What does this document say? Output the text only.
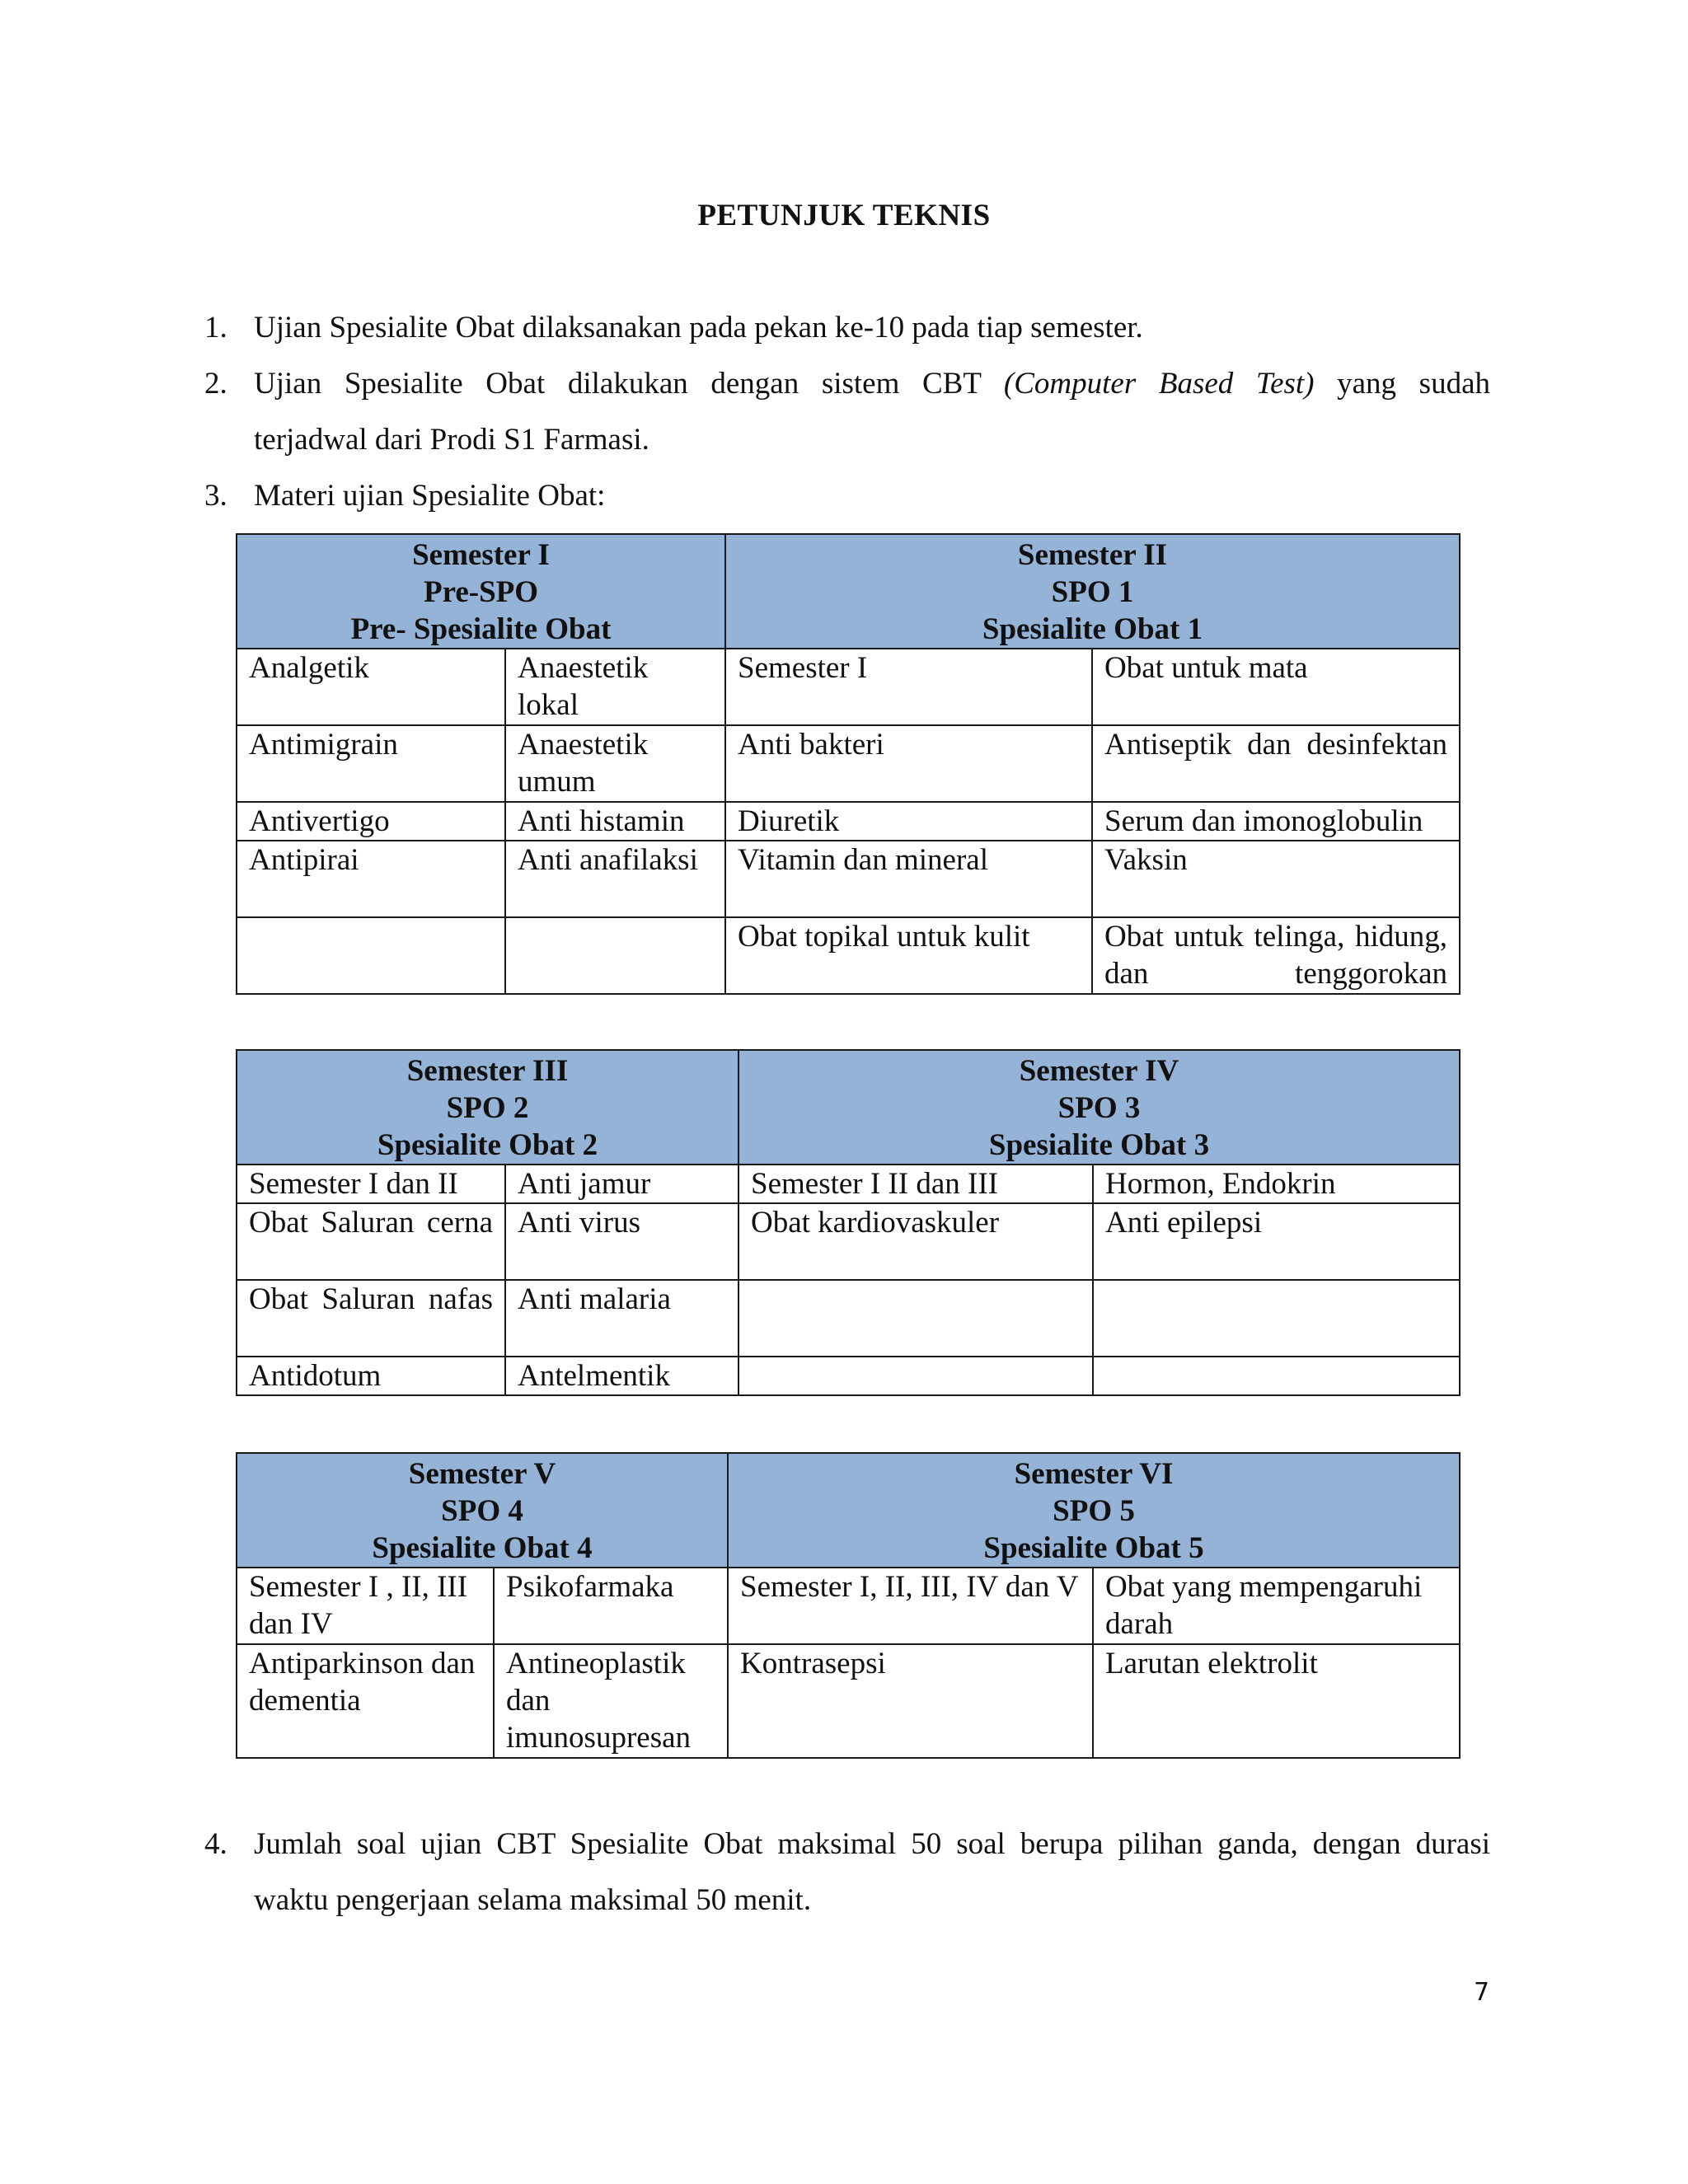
PETUNJUK TEKNIS
1. Ujian Spesialite Obat dilaksanakan pada pekan ke-10 pada tiap semester.
2. Ujian Spesialite Obat dilakukan dengan sistem CBT (Computer Based Test) yang sudah

terjadwal dari Prodi S1 Farmasi.

3. Materi ujian Spesialite Obat:
Semester I
Pre-SPO
Pre- Spesialite Obat		Semester II
SPO 1
Spesialite Obat 1	

Analgetik	Anaestetik lokal	Semester I	Obat untuk mata
Antimigrain	Anaestetik umum	Anti bakteri	Antiseptik dan desinfektan
Antivertigo	Anti histamin	Diuretik	Serum dan imonoglobulin
Antipirai	Anti anafilaksi	Vitamin dan mineral	Vaksin
		Obat topikal untuk kulit	Obat untuk telinga, hidung, dan tenggorokan
Semester III
SPO 2
Spesialite Obat 2		Semester IV
SPO 3
Spesialite Obat 3	

Semester I dan II	Anti jamur	Semester I II dan III	Hormon, Endokrin
Obat Saluran cerna	Anti virus	Obat kardiovaskuler	Anti epilepsi
Obat Saluran nafas	Anti malaria		
Antidotum	Antelmentik		
Semester V
SPO 4
Spesialite Obat 4		Semester VI
SPO 5
Spesialite Obat 5	

Semester I , II, III dan IV	Psikofarmaka	Semester I, II, III, IV dan V	Obat yang mempengaruhi darah
Antiparkinson dan dementia	Antineoplastik dan imunosupresan	Kontrasepsi	Larutan elektrolit
4. Jumlah soal ujian CBT Spesialite Obat maksimal 50 soal berupa pilihan ganda, dengan durasi

waktu pengerjaan selama maksimal 50 menit.

7
